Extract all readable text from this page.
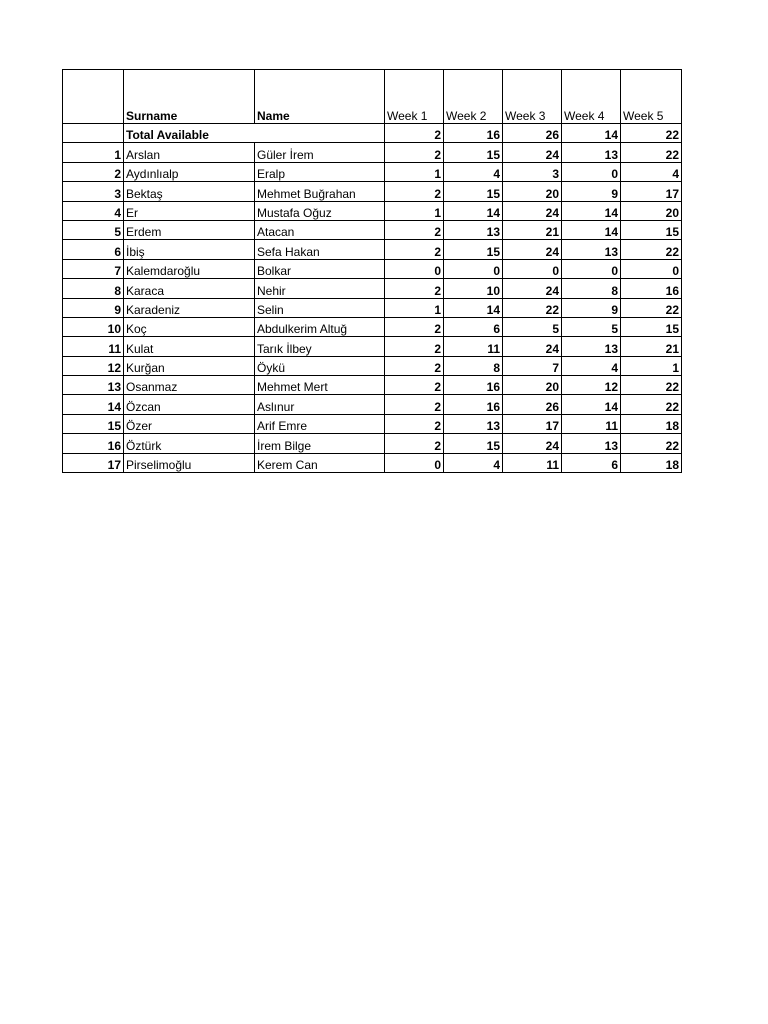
	Surname	Name	Week 1	Week 2	Week 3	Week 4	Week 5
	Total Available		2	16	26	14	22
1	Arslan	Güler İrem	2	15	24	13	22
2	Aydınlıalp	Eralp	1	4	3	0	4
3	Bektaş	Mehmet Buğrahan	2	15	20	9	17
4	Er	Mustafa Oğuz	1	14	24	14	20
5	Erdem	Atacan	2	13	21	14	15
6	İbiş	Sefa Hakan	2	15	24	13	22
7	Kalemdaroğlu	Bolkar	0	0	0	0	0
8	Karaca	Nehir	2	10	24	8	16
9	Karadeniz	Selin	1	14	22	9	22
10	Koç	Abdulkerim Altuğ	2	6	5	5	15
11	Kulat	Tarık İlbey	2	11	24	13	21
12	Kurğan	Öykü	2	8	7	4	1
13	Osanmaz	Mehmet Mert	2	16	20	12	22
14	Özcan	Aslınur	2	16	26	14	22
15	Özer	Arif Emre	2	13	17	11	18
16	Öztürk	İrem Bilge	2	15	24	13	22
17	Pirselimoğlu	Kerem Can	0	4	11	6	18
